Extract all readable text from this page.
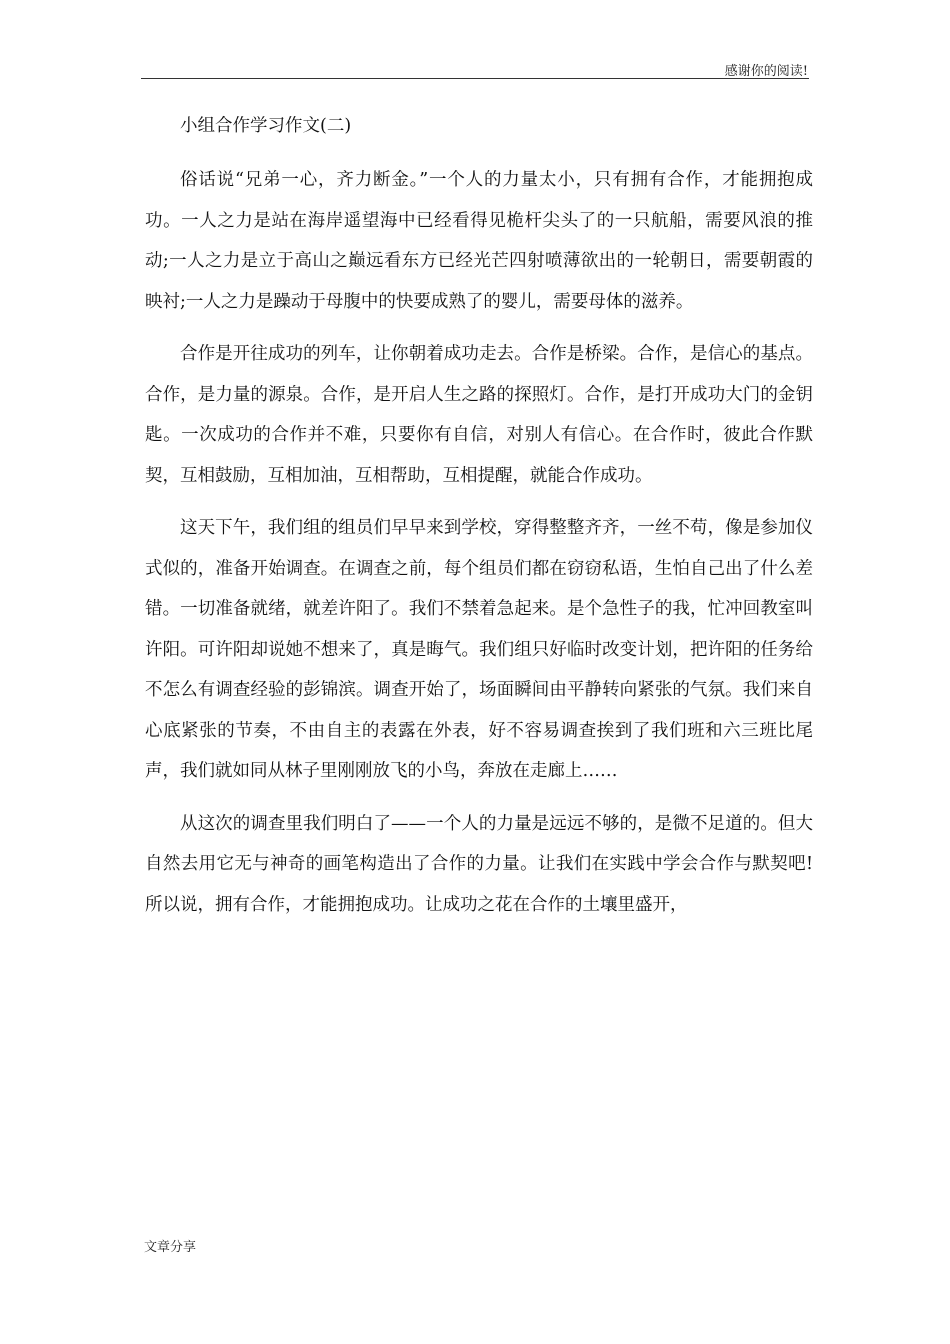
感谢你的阅读!

小组合作学习作文(二)

俗话说“兄弟一心，齐力断金。”一个人的力量太小，只有拥有合作，才能拥抱成功。一人之力是站在海岸遥望海中已经看得见桅杆尖头了的一只航船，需要风浪的推动;一人之力是立于高山之巅远看东方已经光芒四射喷薄欲出的一轮朝日，需要朝霞的映衬;一人之力是躁动于母腹中的快要成熟了的婴儿，需要母体的滋养。

合作是开往成功的列车，让你朝着成功走去。合作是桥梁。合作，是信心的基点。合作，是力量的源泉。合作，是开启人生之路的探照灯。合作，是打开成功大门的金钥匙。一次成功的合作并不难，只要你有自信，对别人有信心。在合作时，彼此合作默契，互相鼓励，互相加油，互相帮助，互相提醒，就能合作成功。

这天下午，我们组的组员们早早来到学校，穿得整整齐齐，一丝不苟，像是参加仪式似的，准备开始调查。在调查之前，每个组员们都在窃窃私语，生怕自己出了什么差错。一切准备就绪，就差许阳了。我们不禁着急起来。是个急性子的我，忙冲回教室叫许阳。可许阳却说她不想来了，真是晦气。我们组只好临时改变计划，把许阳的任务给不怎么有调查经验的彭锦滨。调查开始了，场面瞬间由平静转向紧张的气氛。我们来自心底紧张的节奏，不由自主的表露在外表，好不容易调查挨到了我们班和六三班比尾声，我们就如同从林子里刚刚放飞的小鸟，奔放在走廊上……

从这次的调查里我们明白了——一个人的力量是远远不够的，是微不足道的。但大自然去用它无与神奇的画笔构造出了合作的力量。让我们在实践中学会合作与默契吧!所以说，拥有合作，才能拥抱成功。让成功之花在合作的土壤里盛开，

文章分享
